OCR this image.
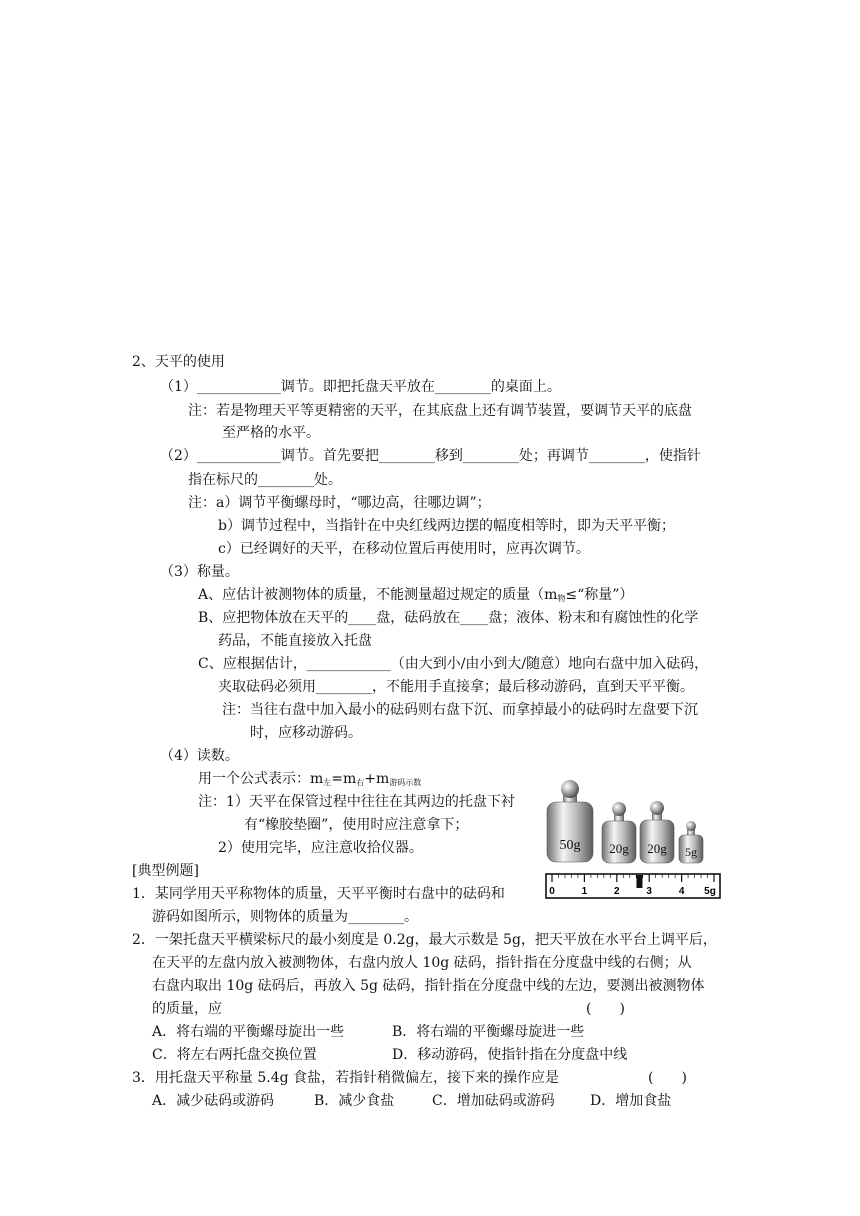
2、天平的使用
（1）____________调节。即把托盘天平放在________的桌面上。
注：若是物理天平等更精密的天平，在其底盘上还有调节装置，要调节天平的底盘
至严格的水平。
（2）____________调节。首先要把________移到________处；再调节________，使指针
指在标尺的________处。
注：a）调节平衡螺母时，“哪边高，往哪边调”；
b）调节过程中，当指针在中央红线两边摆的幅度相等时，即为天平平衡；
c）已经调好的天平，在移动位置后再使用时，应再次调节。
（3）称量。
A、应估计被测物体的质量，不能测量超过规定的质量（$m_物\le“$称量”）
B、应把物体放在天平的____盘，砝码放在____盘；液体、粉末和有腐蚀性的化学
药品，不能直接放入托盘
C、应根据估计，____________（由大到小/由小到大/随意）地向右盘中加入砝码，
夹取砝码必须用________，不能用手直接拿；最后移动游码，直到天平平衡。
注：当往右盘中加入最小的砝码则右盘下沉、而拿掉最小的砝码时左盘要下沉
时，应移动游码。
（4）读数。
用一个公式表示：$m_左=m_右+m_{游码示数}$
注：1）天平在保管过程中往往在其两边的托盘下衬
有“橡胶垫圈”，使用时应注意拿下；
2）使用完毕，应注意收拾仪器。
[典型例题]
1．某同学用天平称物体的质量，天平平衡时右盘中的砝码和
游码如图所示，则物体的质量为________。
2．一架托盘天平横梁标尺的最小刻度是 0.2g，最大示数是 5g，把天平放在水平台上调平后，
在天平的左盘内放入被测物体，右盘内放人 10g 砝码，指针指在分度盘中线的右侧；从
右盘内取出 10g 砝码后，再放入 5g 砝码，指针指在分度盘中线的左边，要测出被测物体
的质量，应	(　　)
A．将右端的平衡螺母旋出一些	B．将右端的平衡螺母旋进一些
C．将左右两托盘交换位置	D．移动游码，使指针指在分度盘中线
3．用托盘天平称量 5.4g 食盐，若指针稍微偏左，接下来的操作应是	(　　)
A．减少砝码或游码	B．减少食盐	C．增加砝码或游码	D．增加食盐
50g 20g 20g 5g
0	1	2	3	4 5g
